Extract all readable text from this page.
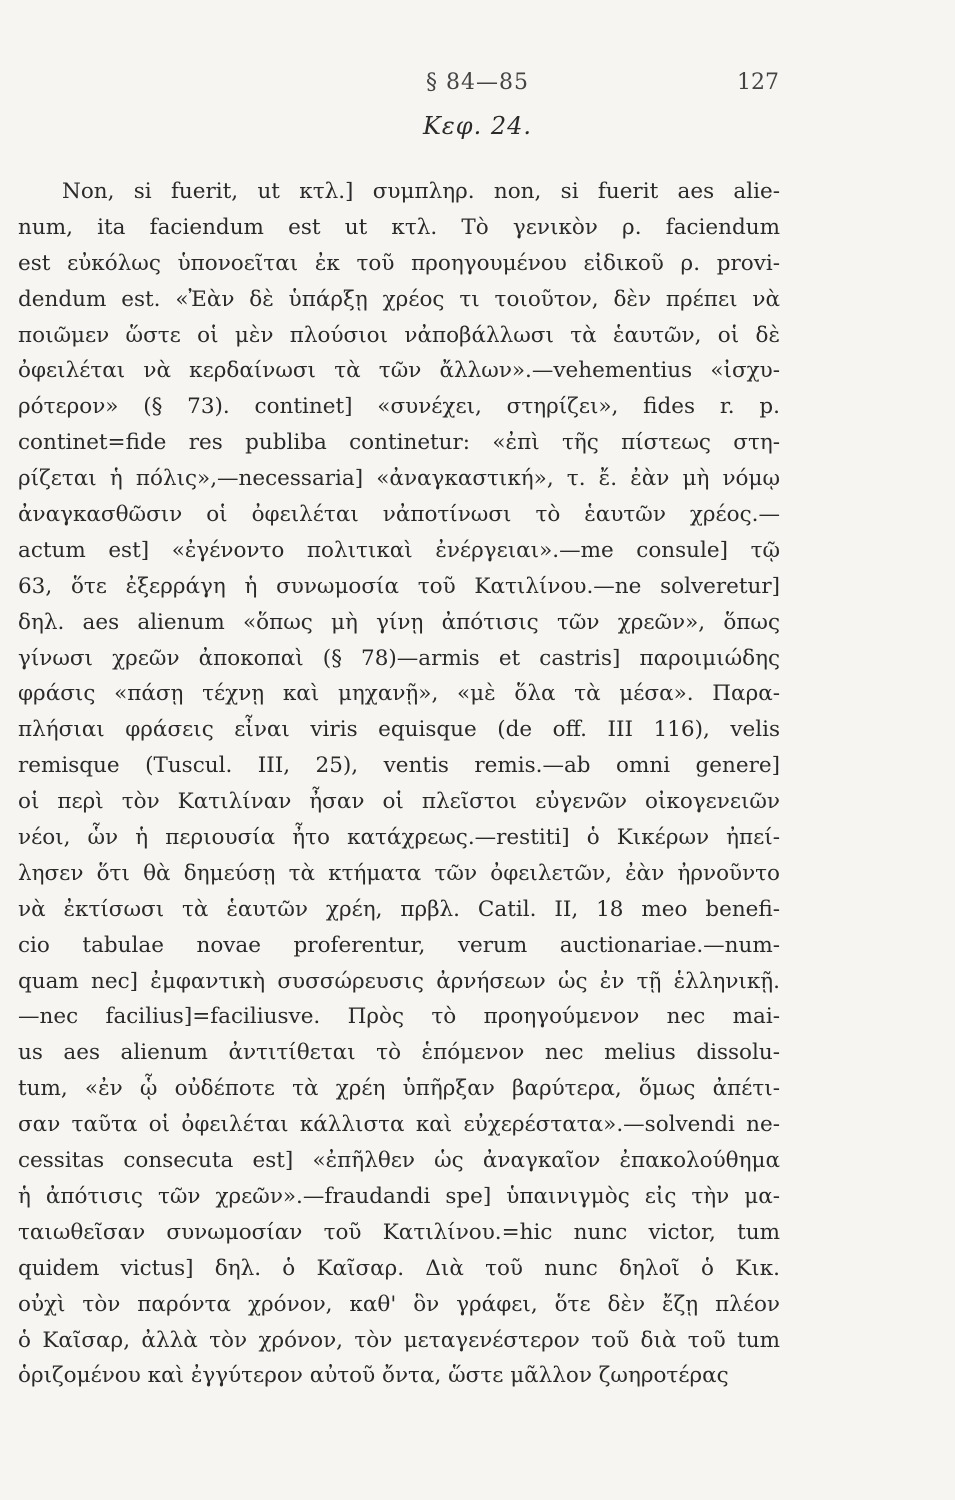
§ 84—85	127
Κεφ. 24.
Non, si fuerit, ut κτλ.] συμπληρ. non, si fuerit aes alie-
num, ita faciendum est ut κτλ. Τὸ γενικὸν ρ. faciendum
est εὐκόλως ὑπονοεῖται ἐκ τοῦ προηγουμένου εἰδικοῦ ρ. provi-
dendum est. «Ἐὰν δὲ ὑπάρξῃ χρέος τι τοιοῦτον, δὲν πρέπει νὰ
ποιῶμεν ὥστε οἱ μὲν πλούσιοι νἀποβάλλωσι τὰ ἑαυτῶν, οἱ δὲ
ὀφειλέται νὰ κερδαίνωσι τὰ τῶν ἄλλων».—vehementius «ἰσχυ-
ρότερον» (§ 73). continet] «συνέχει, στηρίζει», fides r. p.
continet=fide res publiba continetur: «ἐπὶ τῆς πίστεως στη-
ρίζεται ἡ πόλις»,—necessaria] «ἀναγκαστική», τ. ἔ. ἐὰν μὴ νόμῳ
ἀναγκασθῶσιν οἱ ὀφειλέται νἀποτίνωσι τὸ ἑαυτῶν χρέος.—
actum est] «ἐγένοντο πολιτικαὶ ἐνέργειαι».—me consule] τῷ
63, ὅτε ἐξερράγη ἡ συνωμοσία τοῦ Κατιλίνου.—ne solveretur]
δηλ. aes alienum «ὅπως μὴ γίνῃ ἀπότισις τῶν χρεῶν», ὅπως
γίνωσι χρεῶν ἀποκοπαὶ (§ 78)—armis et castris] παροιμιώδης
φράσις «πάσῃ τέχνῃ καὶ μηχανῇ», «μὲ ὅλα τὰ μέσα». Παρα-
πλήσιαι φράσεις εἶναι viris equisque (de off. III 116), velis
remisque (Tuscul. III, 25), ventis remis.—ab omni genere]
οἱ περὶ τὸν Κατιλίναν ἦσαν οἱ πλεῖστοι εὐγενῶν οἰκογενειῶν
νέοι, ὧν ἡ περιουσία ἦτο κατάχρεως.—restiti] ὁ Κικέρων ἠπεί-
λησεν ὅτι θὰ δημεύσῃ τὰ κτήματα τῶν ὀφειλετῶν, ἐὰν ἠρνοῦντο
νὰ ἐκτίσωσι τὰ ἑαυτῶν χρέη, πρβλ. Catil. II, 18 meo benefi-
cio tabulae novae proferentur, verum auctionariae.—num-
quam nec] ἐμφαντικὴ συσσώρευσις ἀρνήσεων ὡς ἐν τῇ ἑλληνικῇ.
—nec facilius]=faciliusve. Πρὸς τὸ προηγούμενον nec mai-
us aes alienum ἀντιτίθεται τὸ ἑπόμενον nec melius dissolu-
tum, «ἐν ᾧ οὐδέποτε τὰ χρέη ὑπῆρξαν βαρύτερα, ὅμως ἀπέτι-
σαν ταῦτα οἱ ὀφειλέται κάλλιστα καὶ εὐχερέστατα».—solvendi ne-
cessitas consecuta est] «ἐπῆλθεν ὡς ἀναγκαῖον ἐπακολούθημα
ἡ ἀπότισις τῶν χρεῶν».—fraudandi spe] ὑπαινιγμὸς εἰς τὴν μα-
ταιωθεῖσαν συνωμοσίαν τοῦ Κατιλίνου.=hic nunc victor, tum
quidem victus] δηλ. ὁ Καῖσαρ. Διὰ τοῦ nunc δηλοῖ ὁ Κικ.
οὐχὶ τὸν παρόντα χρόνον, καθ' ὃν γράφει, ὅτε δὲν ἔζῃ πλέον
ὁ Καῖσαρ, ἀλλὰ τὸν χρόνον, τὸν μεταγενέστερον τοῦ διὰ τοῦ tum
ὁριζομένου καὶ ἐγγύτερον αὐτοῦ ὄντα, ὥστε μᾶλλον ζωηροτέρας
